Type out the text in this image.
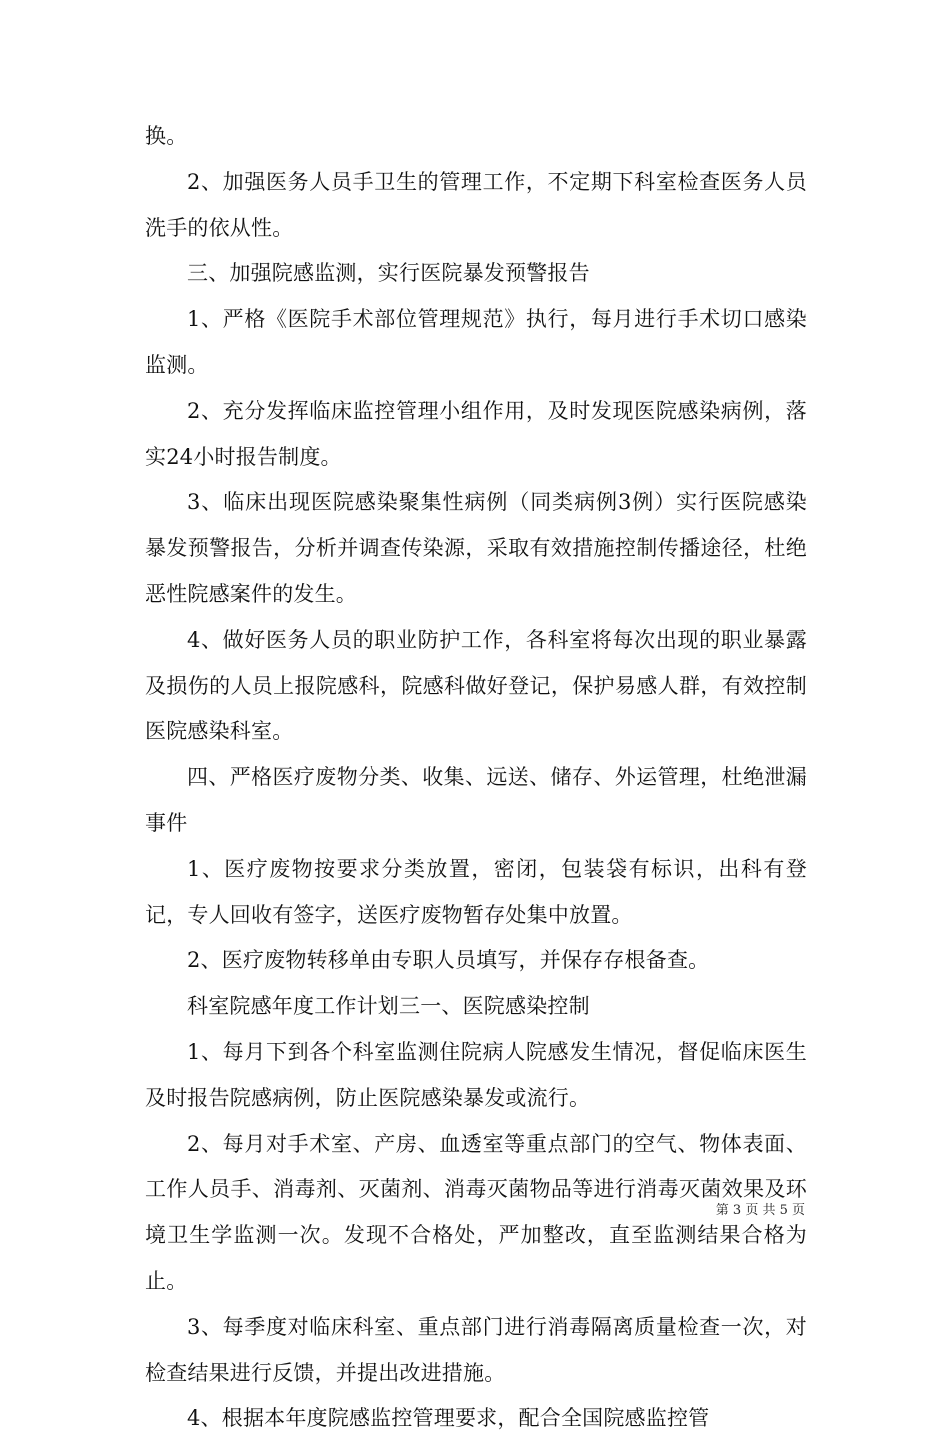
换。

2、加强医务人员手卫生的管理工作，不定期下科室检查医务人员洗手的依从性。

三、加强院感监测，实行医院暴发预警报告

1、严格《医院手术部位管理规范》执行，每月进行手术切口感染监测。

2、充分发挥临床监控管理小组作用，及时发现医院感染病例，落实24小时报告制度。

3、临床出现医院感染聚集性病例（同类病例3例）实行医院感染暴发预警报告，分析并调查传染源，采取有效措施控制传播途径，杜绝恶性院感案件的发生。

4、做好医务人员的职业防护工作，各科室将每次出现的职业暴露及损伤的人员上报院感科，院感科做好登记，保护易感人群，有效控制医院感染科室。

四、严格医疗废物分类、收集、远送、储存、外运管理，杜绝泄漏事件

1、医疗废物按要求分类放置，密闭，包装袋有标识，出科有登记，专人回收有签字，送医疗废物暂存处集中放置。

2、医疗废物转移单由专职人员填写，并保存存根备查。

科室院感年度工作计划三一、医院感染控制

1、每月下到各个科室监测住院病人院感发生情况，督促临床医生及时报告院感病例，防止医院感染暴发或流行。

2、每月对手术室、产房、血透室等重点部门的空气、物体表面、工作人员手、消毒剂、灭菌剂、消毒灭菌物品等进行消毒灭菌效果及环境卫生学监测一次。发现不合格处，严加整改，直至监测结果合格为止。

3、每季度对临床科室、重点部门进行消毒隔离质量检查一次，对检查结果进行反馈，并提出改进措施。

4、根据本年度院感监控管理要求，配合全国院感监控管

第 3 页 共 5 页
